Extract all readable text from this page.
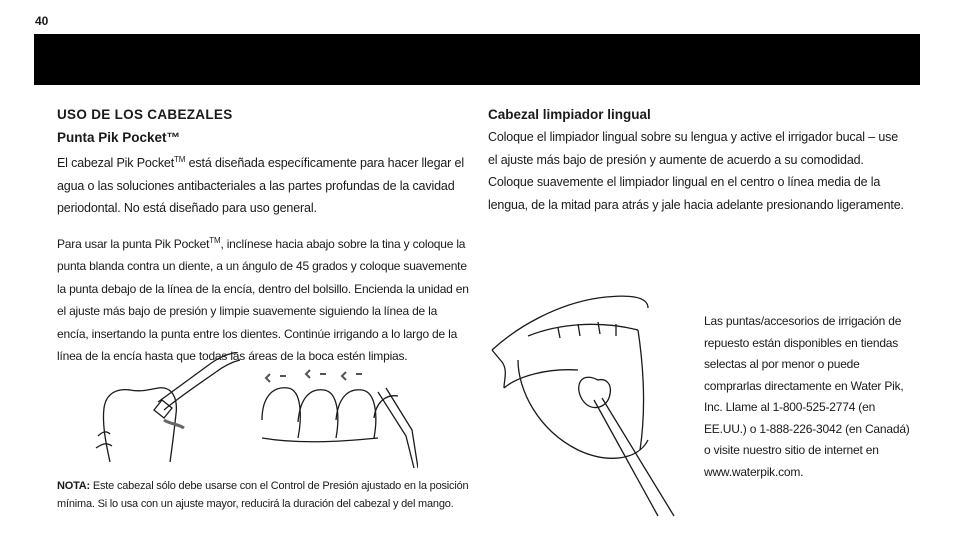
40
USO DE LOS CABEZALES
Punta Pik Pocket™

El cabezal Pik Pocket™ está diseñada específicamente para hacer llegar el agua o las soluciones antibacteriales a las partes profundas de la cavidad periodontal. No está diseñado para uso general.

Para usar la punta Pik Pocket™, inclínese hacia abajo sobre la tina y coloque la punta blanda contra un diente, a un ángulo de 45 grados y coloque suavemente la punta debajo de la línea de la encía, dentro del bolsillo. Encienda la unidad en el ajuste más bajo de presión y limpie suavemente siguiendo la línea de la encía, insertando la punta entre los dientes. Continúe irrigando a lo largo de la línea de la encía hasta que todas las áreas de la boca estén limpias.

NOTA: Este cabezal sólo debe usarse con el Control de Presión ajustado en la posición mínima. Si lo usa con un ajuste mayor, reducirá la duración del cabezal y del mango.
Cabezal limpiador lingual

Coloque el limpiador lingual sobre su lengua y active el irrigador bucal – use el ajuste más bajo de presión y aumente de acuerdo a su comodidad. Coloque suavemente el limpiador lingual en el centro o línea media de la lengua, de la mitad para atrás y jale hacia adelante presionando ligeramente.

Las puntas/accesorios de irrigación de repuesto están disponibles en tiendas selectas al por menor o puede comprarlas directamente en Water Pik, Inc. Llame al 1-800-525-2774 (en EE.UU.) o 1-888-226-3042 (en Canadá) o visite nuestro sitio de internet en www.waterpik.com.
